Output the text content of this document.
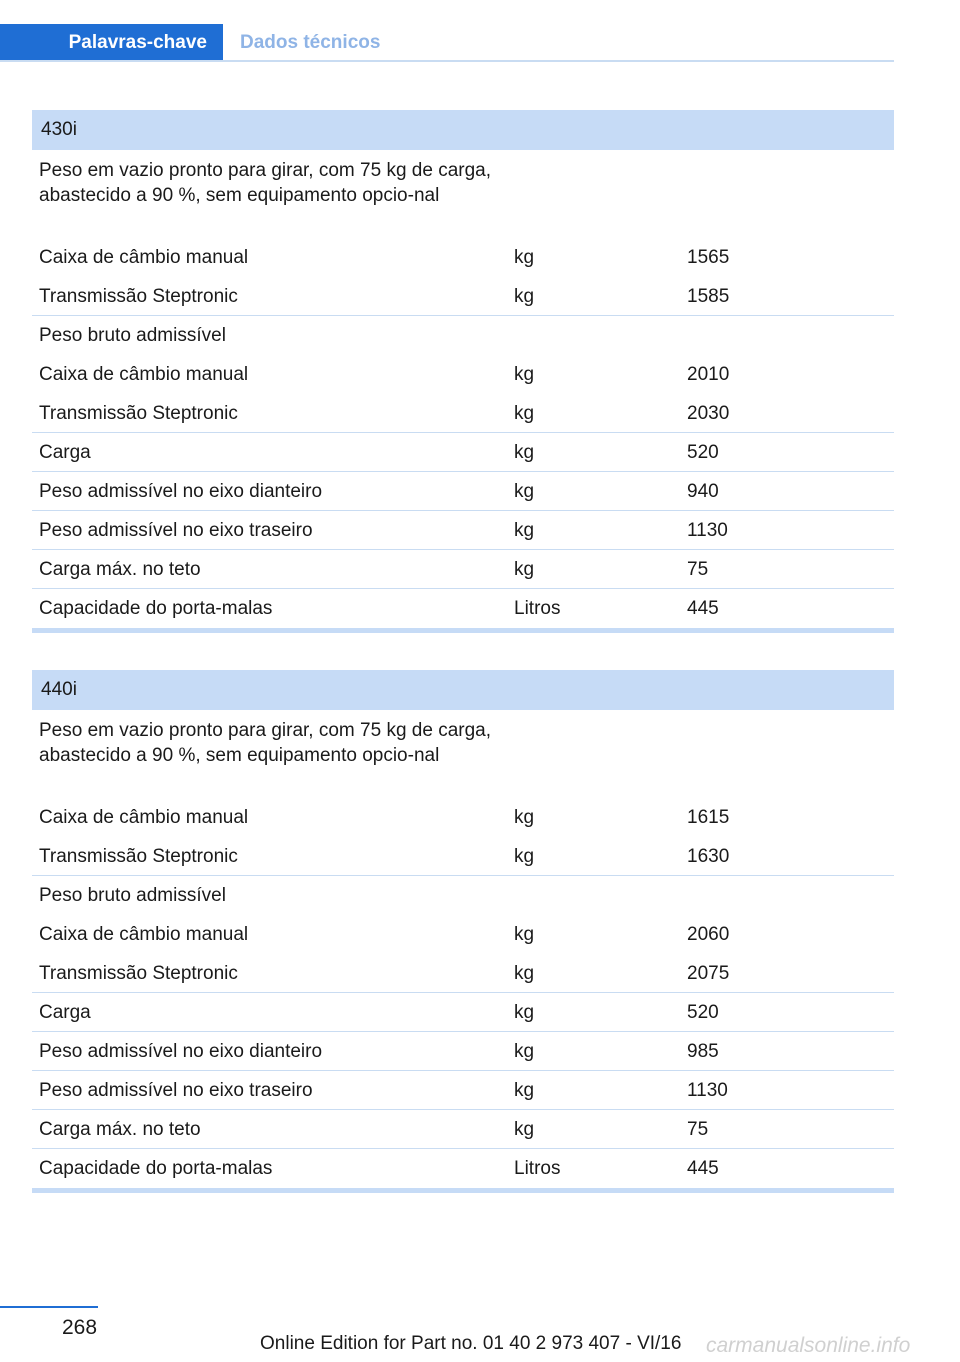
Palavras-chave	Dados técnicos
430i
Peso em vazio pronto para girar, com 75 kg de carga, abastecido a 90 %, sem equipamento opcio-nal
Caixa de câmbio manual	kg	1565
Transmissão Steptronic	kg	1585
Peso bruto admissível
Caixa de câmbio manual	kg	2010
Transmissão Steptronic	kg	2030
Carga	kg	520
Peso admissível no eixo dianteiro	kg	940
Peso admissível no eixo traseiro	kg	1130
Carga máx. no teto	kg	75
Capacidade do porta-malas	Litros	445
440i
Peso em vazio pronto para girar, com 75 kg de carga, abastecido a 90 %, sem equipamento opcio-nal
Caixa de câmbio manual	kg	1615
Transmissão Steptronic	kg	1630
Peso bruto admissível
Caixa de câmbio manual	kg	2060
Transmissão Steptronic	kg	2075
Carga	kg	520
Peso admissível no eixo dianteiro	kg	985
Peso admissível no eixo traseiro	kg	1130
Carga máx. no teto	kg	75
Capacidade do porta-malas	Litros	445
268
Online Edition for Part no. 01 40 2 973 407 - VI/16 carmanualsonline.info
